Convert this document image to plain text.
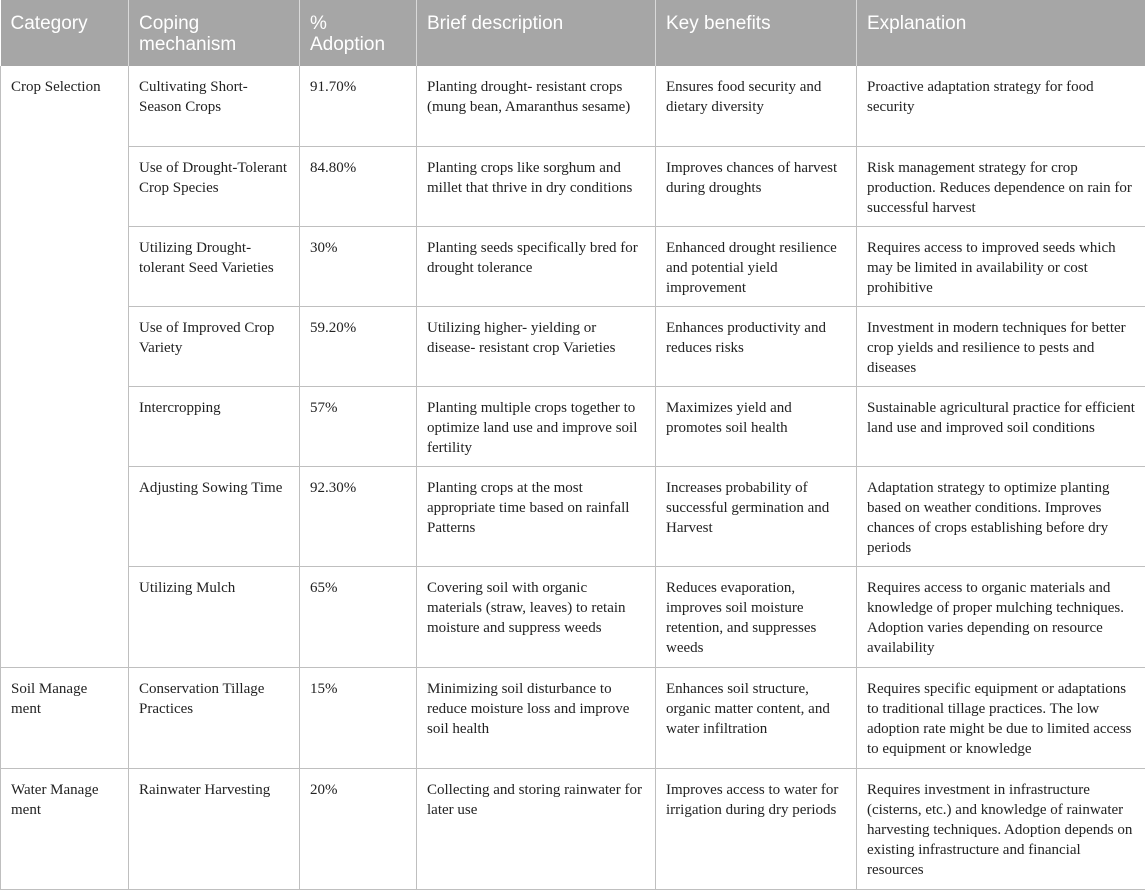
Category	Coping mechanism	% Adoption	Brief description	Key benefits	Explanation
Crop Selection	Cultivating Short-Season Crops	91.70%	Planting drought- resistant crops (mung bean, Amaranthus sesame)	Ensures food security and dietary diversity	Proactive adaptation strategy for food security
	Use of Drought-Tolerant Crop Species	84.80%	Planting crops like sorghum and millet that thrive in dry conditions	Improves chances of harvest during droughts	Risk management strategy for crop production. Reduces dependence on rain for successful harvest
	Utilizing Drought-tolerant Seed Varieties	30%	Planting seeds specifically bred for drought tolerance	Enhanced drought resilience and potential yield improvement	Requires access to improved seeds which may be limited in availability or cost prohibitive
	Use of Improved Crop Variety	59.20%	Utilizing higher- yielding or disease- resistant crop Varieties	Enhances productivity and reduces risks	Investment in modern techniques for better crop yields and resilience to pests and diseases
	Intercropping	57%	Planting multiple crops together to optimize land use and improve soil fertility	Maximizes yield and promotes soil health	Sustainable agricultural practice for efficient land use and improved soil conditions
	Adjusting Sowing Time	92.30%	Planting crops at the most appropriate time based on rainfall Patterns	Increases probability of successful germination and Harvest	Adaptation strategy to optimize planting based on weather conditions. Improves chances of crops establishing before dry periods
	Utilizing Mulch	65%	Covering soil with organic materials (straw, leaves) to retain moisture and suppress weeds	Reduces evaporation, improves soil moisture retention, and suppresses weeds	Requires access to organic materials and knowledge of proper mulching techniques. Adoption varies depending on resource availability
Soil Manage ment	Conservation Tillage Practices	15%	Minimizing soil disturbance to reduce moisture loss and improve soil health	Enhances soil structure, organic matter content, and water infiltration	Requires specific equipment or adaptations to traditional tillage practices. The low adoption rate might be due to limited access to equipment or knowledge
Water Manage ment	Rainwater Harvesting	20%	Collecting and storing rainwater for later use	Improves access to water for irrigation during dry periods	Requires investment in infrastructure (cisterns, etc.) and knowledge of rainwater harvesting techniques. Adoption depends on existing infrastructure and financial resources
